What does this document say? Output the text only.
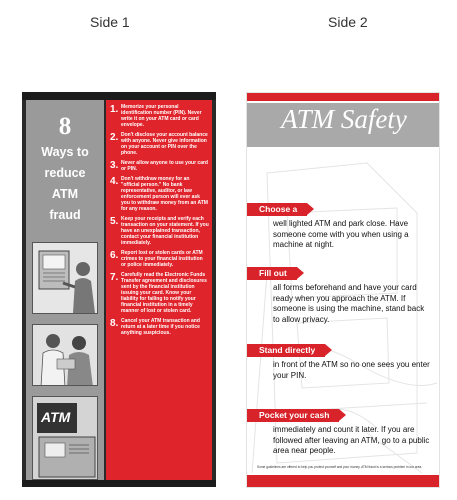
Side 1	Side 2
8
Ways to
reduce
ATM
fraud
ATM
1. Memorize your personal identification number (PIN). Never write it on your ATM card or card envelope.
2. Don't disclose your account balance with anyone. Never give information on your account or PIN over the phone.
3. Never allow anyone to use your card or PIN.
4. Don't withdraw money for an "official person." No bank representative, auditor, or law enforcement person will ever ask you to withdraw money from an ATM for any reason.
5. Keep your receipts and verify each transaction on your statement. If you have an unexplained transaction, contact your financial institution immediately.
6. Report lost or stolen cards or ATM crimes to your financial institution or police immediately.
7. Carefully read the Electronic Funds Transfer agreement and disclosures sent by the financial institution issuing your card. Know your liability for failing to notify your financial institution in a timely manner of lost or stolen card.
8. Cancel your ATM transaction and return at a later time if you notice anything suspicious.
ATM Safety
Choose a
well lighted ATM and park close. Have someone come with you when using a machine at night.
Fill out
all forms beforehand and have your card ready when you approach the ATM. If someone is using the machine, stand back to allow privacy.
Stand directly
in front of the ATM so no one sees you enter your PIN.
Pocket your cash
immediately and count it later. If you are followed after leaving an ATM, go to a public area near people.
Some guidelines are offered to help you protect yourself and your money. ATM fraud is a serious problem in our area.
